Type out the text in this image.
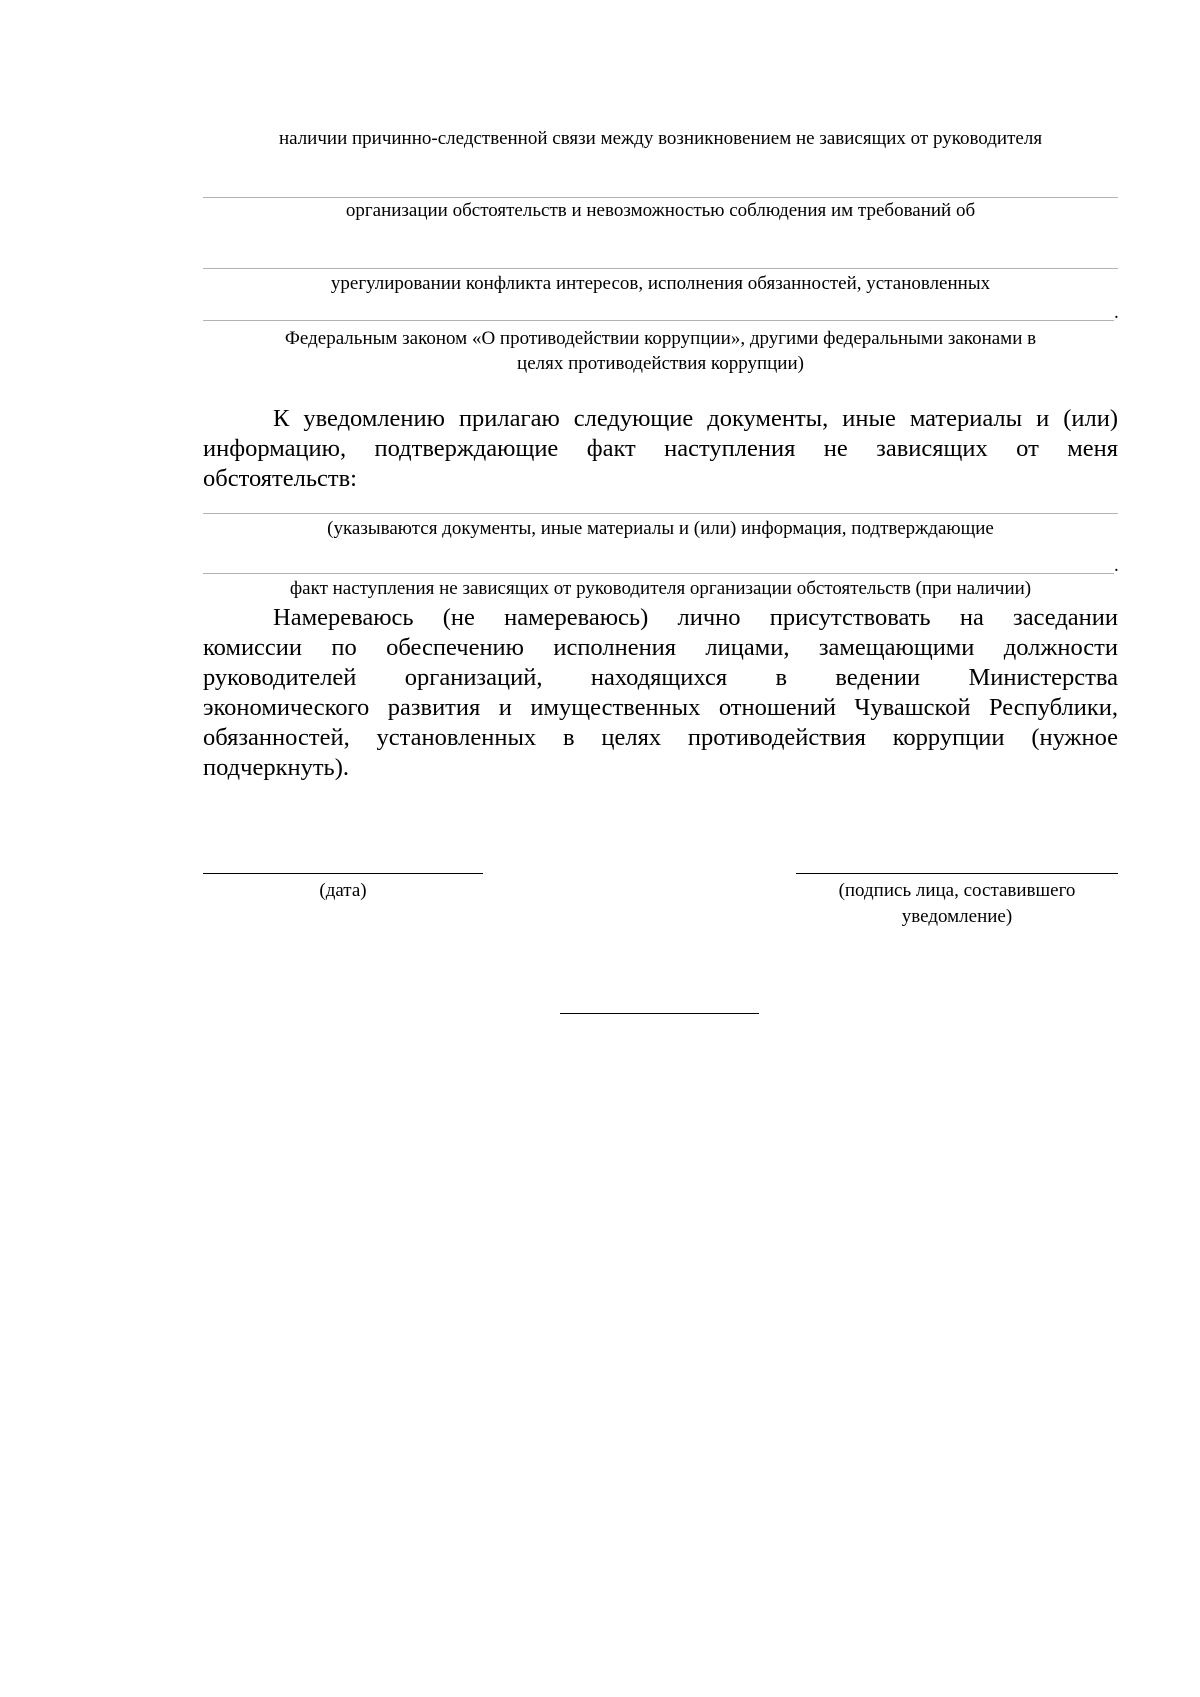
наличии причинно-следственной связи между возникновением не зависящих от руководителя
организации обстоятельств и невозможностью соблюдения им требований об
урегулировании конфликта интересов, исполнения обязанностей, установленных
.
Федеральным законом «О противодействии коррупции», другими федеральными законами в
целях противодействия коррупции)
К уведомлению прилагаю следующие документы, иные материалы и (или)
информацию, подтверждающие факт наступления не зависящих от меня
обстоятельств:
(указываются документы, иные материалы и (или) информация, подтверждающие
.
факт наступления не зависящих от руководителя организации обстоятельств (при наличии)
Намереваюсь (не намереваюсь) лично присутствовать на заседании
комиссии по обеспечению исполнения лицами, замещающими должности
руководителей организаций, находящихся в ведении Министерства
экономического развития и имущественных отношений Чувашской Республики,
обязанностей, установленных в целях противодействия коррупции (нужное
подчеркнуть).
(дата)	(подпись лица, составившего
уведомление)
